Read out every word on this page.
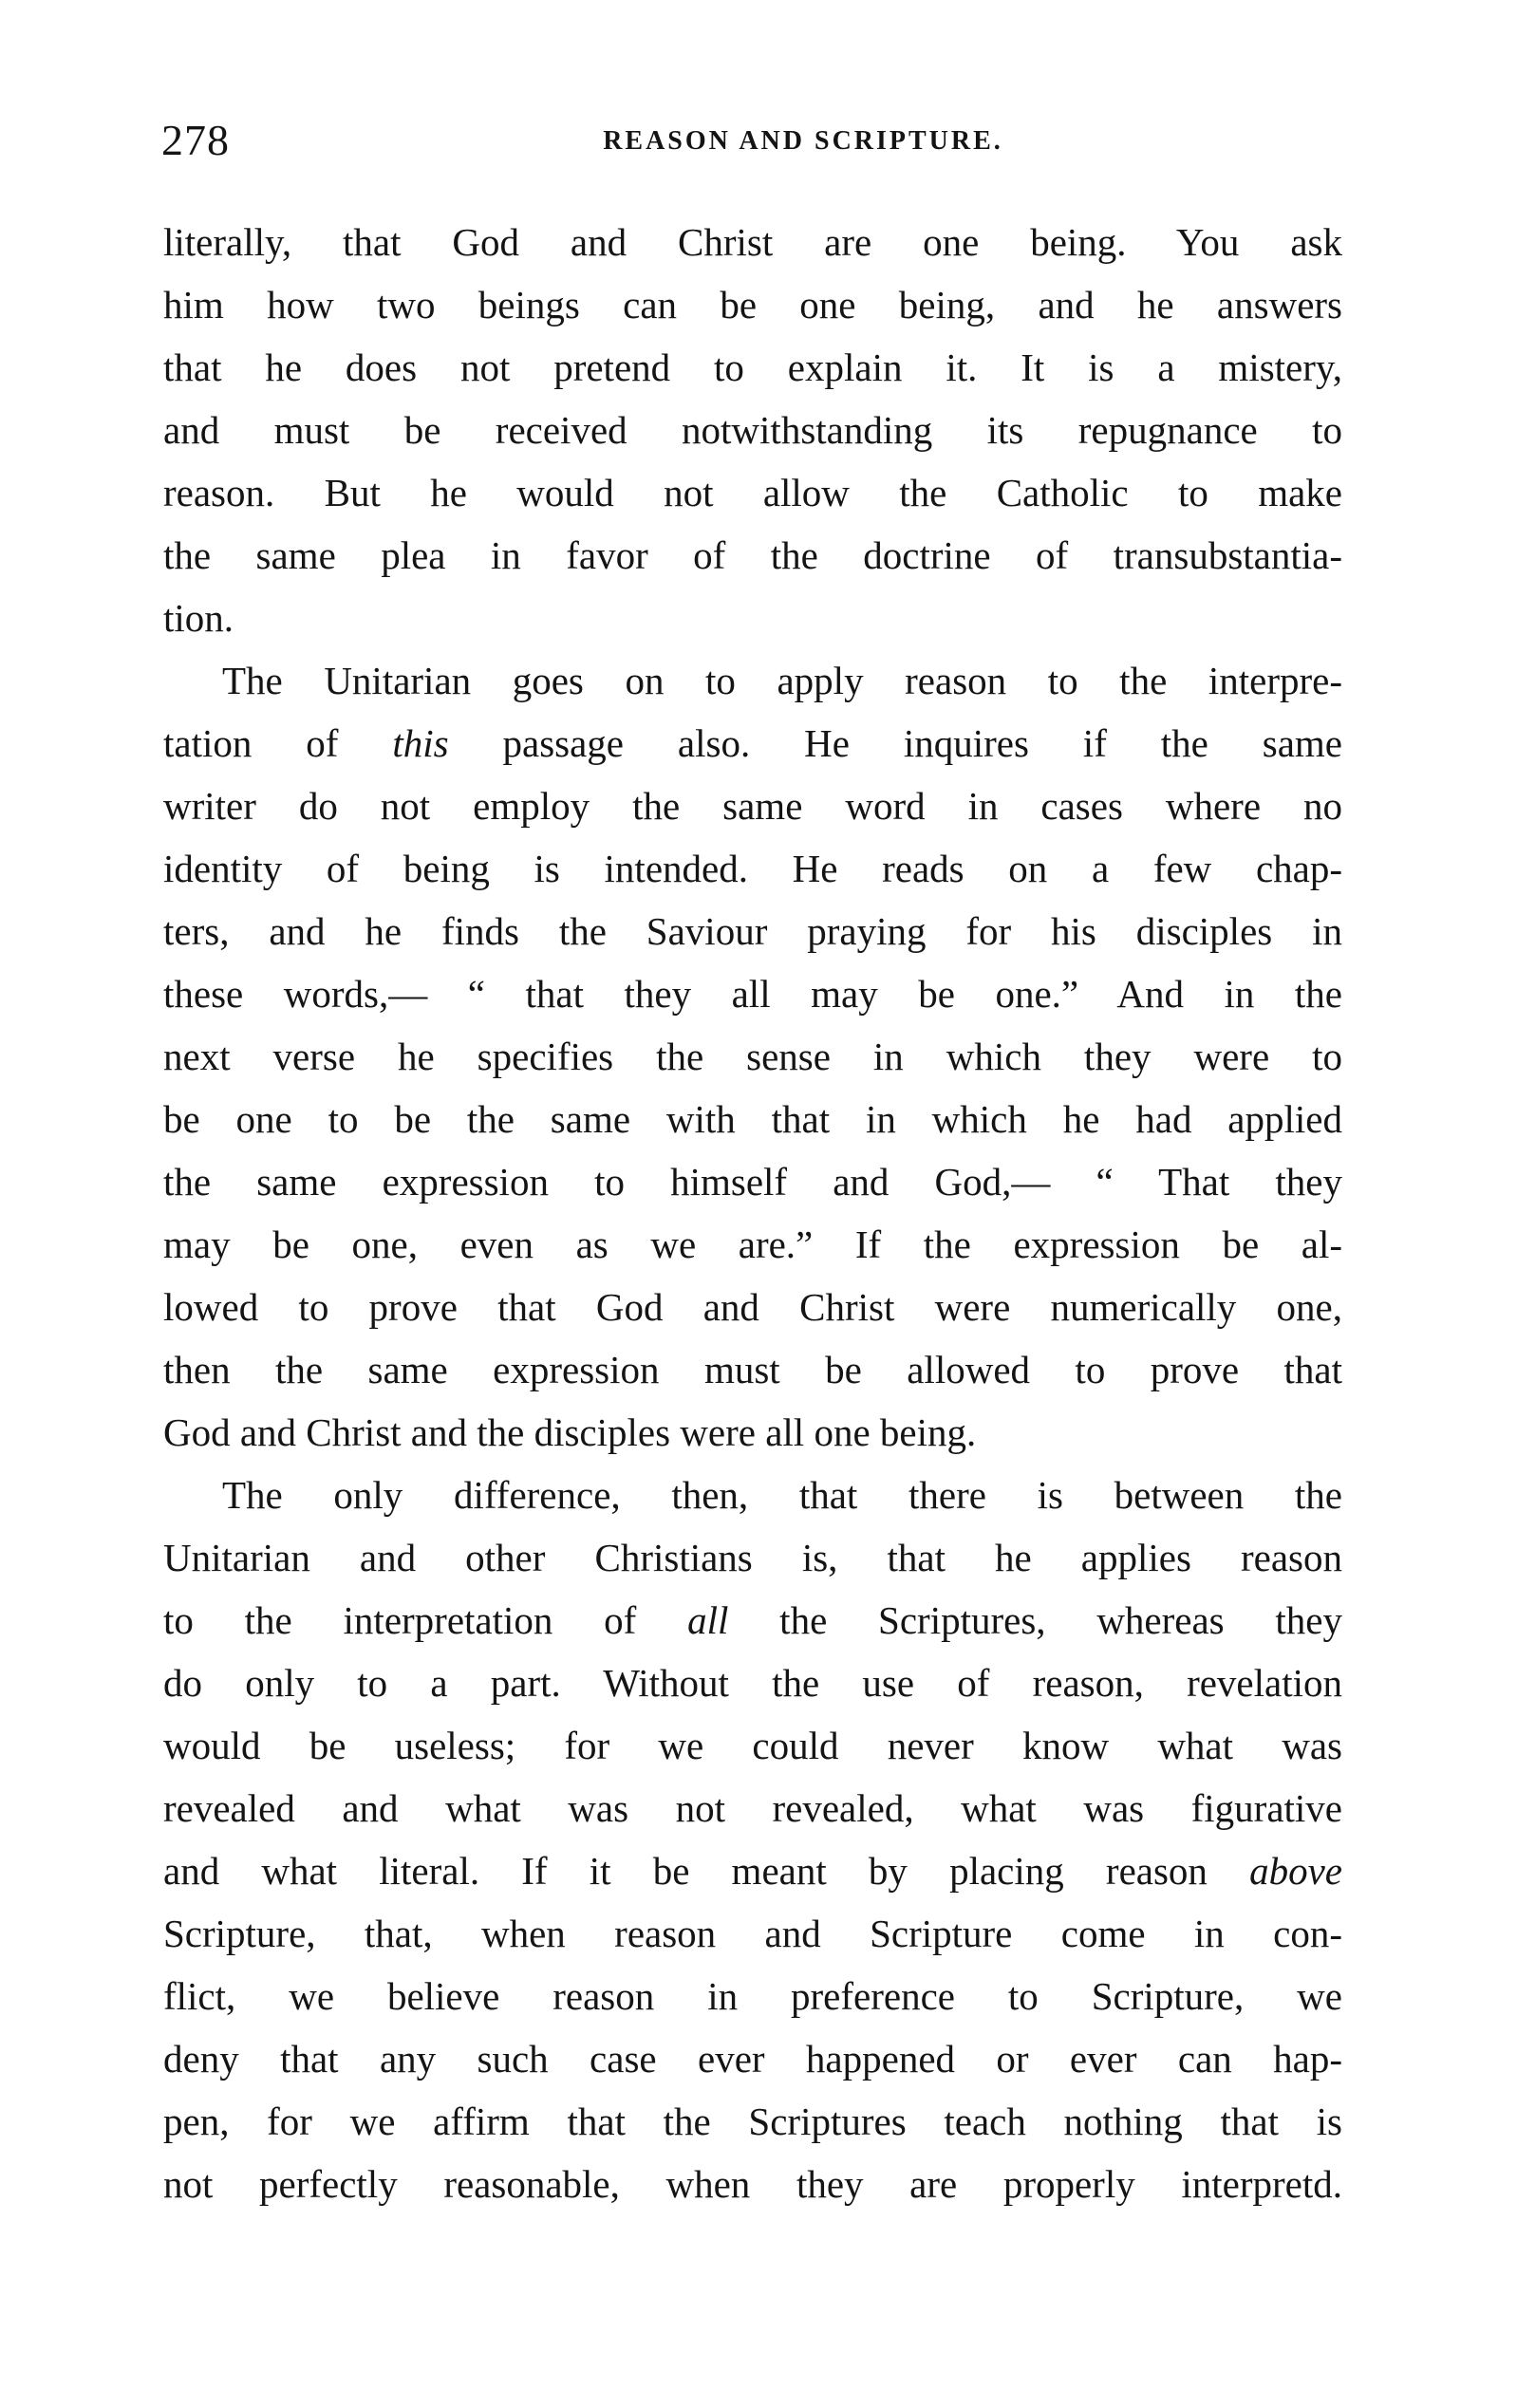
278	REASON AND SCRIPTURE.
literally, that God and Christ are one being. You ask
him how two beings can be one being, and he answers
that he does not pretend to explain it. It is a mistery,
and must be received notwithstanding its repugnance to
reason. But he would not allow the Catholic to make
the same plea in favor of the doctrine of transubstantia-
tion.
The Unitarian goes on to apply reason to the interpre-
tation of this passage also. He inquires if the same
writer do not employ the same word in cases where no
identity of being is intended. He reads on a few chap-
ters, and he finds the Saviour praying for his disciples in
these words,— “ that they all may be one.” And in the
next verse he specifies the sense in which they were to
be one to be the same with that in which he had applied
the same expression to himself and God,— “ That they
may be one, even as we are.” If the expression be al-
lowed to prove that God and Christ were numerically one,
then the same expression must be allowed to prove that
God and Christ and the disciples were all one being.
The only difference, then, that there is between the
Unitarian and other Christians is, that he applies reason
to the interpretation of all the Scriptures, whereas they
do only to a part. Without the use of reason, revelation
would be useless; for we could never know what was
revealed and what was not revealed, what was figurative
and what literal. If it be meant by placing reason above
Scripture, that, when reason and Scripture come in con-
flict, we believe reason in preference to Scripture, we
deny that any such case ever happened or ever can hap-
pen, for we affirm that the Scriptures teach nothing that is
not perfectly reasonable, when they are properly interpretd.
